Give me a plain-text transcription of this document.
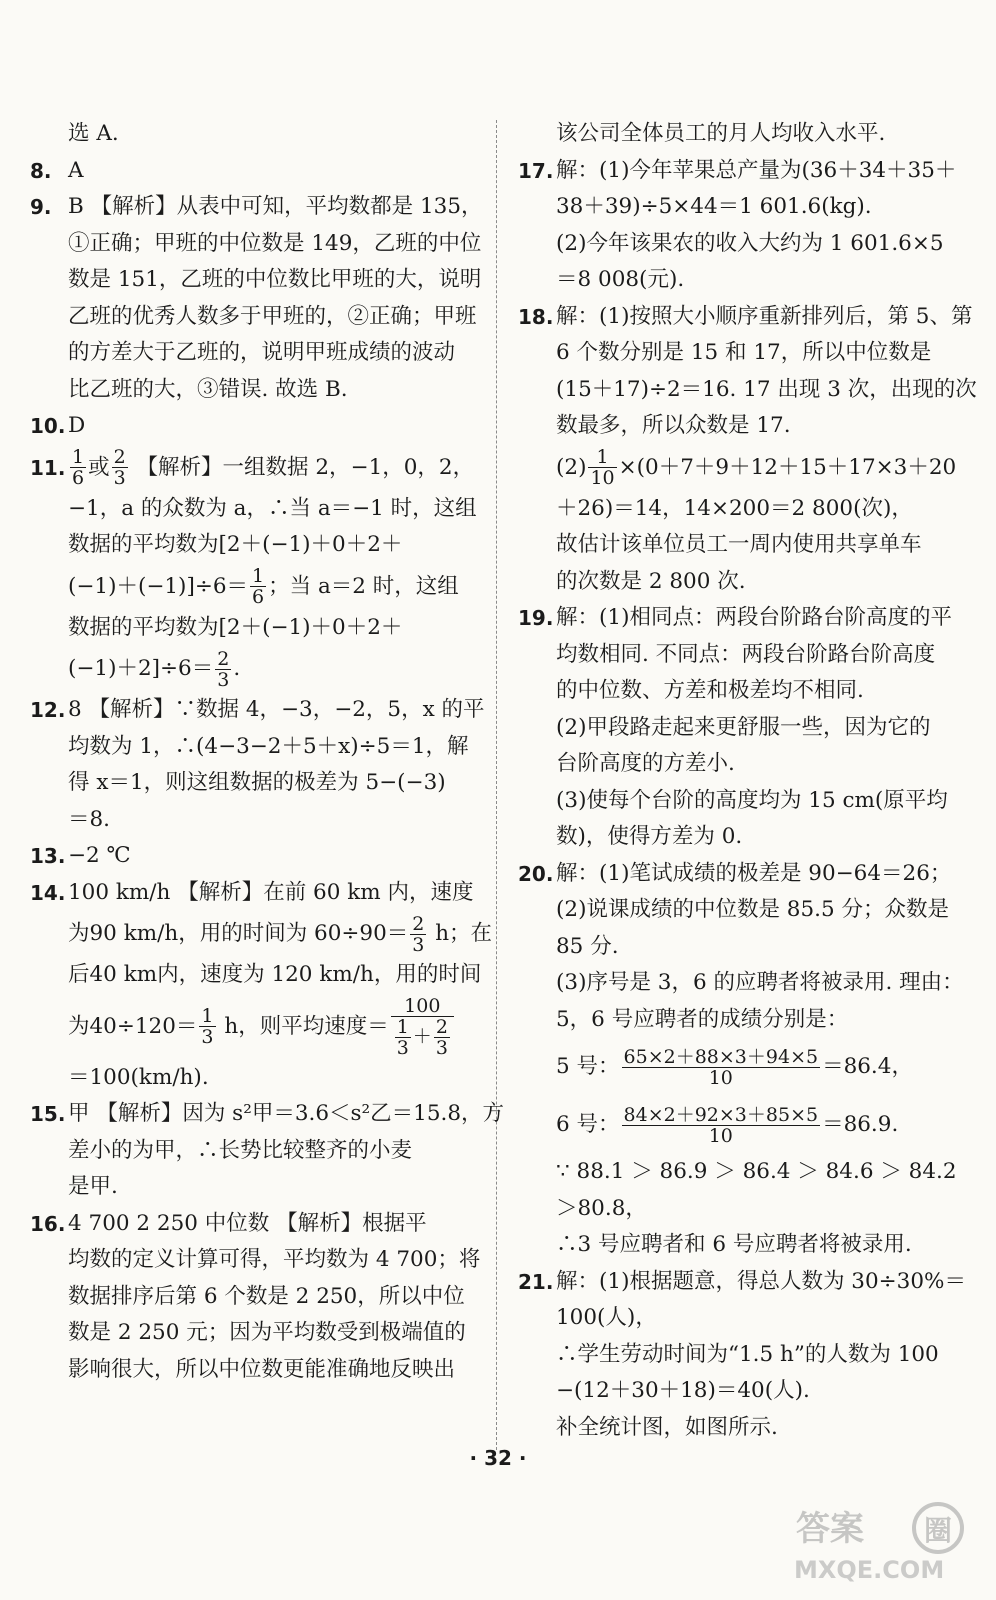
选 A.
8. A
9. B 【解析】从表中可知，平均数都是 135，
①正确；甲班的中位数是 149，乙班的中位
数是 151，乙班的中位数比甲班的大，说明
乙班的优秀人数多于甲班的，②正确；甲班
的方差大于乙班的，说明甲班成绩的波动
比乙班的大，③错误. 故选 B.
10. D
11. $\frac{1}{6}$ 或 $\frac{2}{3}$ 【解析】一组数据 2，−1，0，2，
−1，a 的众数为 a，∴当 a＝−1 时，这组
数据的平均数为[2＋(−1)＋0＋2＋
$(-1)+(-1)]\div 6= \frac{1}{6}$ ；当 a＝2 时，这组
数据的平均数为[2＋(−1)＋0＋2＋
$(-1)+2]\div 6= \frac{2}{3}$ .
12. 8 【解析】∵数据 4，−3，−2，5，x 的平
均数为 1，∴(4−3−2＋5＋x)÷5＝1，解
得 x＝1，则这组数据的极差为 5−(−3)
＝8.
13. −2 ℃
14. 100 km/h 【解析】在前 60 km 内，速度
为90 km/h，用的时间为 $60\div 90= \frac{2}{3}$ h；在
后40 km内，速度为 120 km/h，用的时间
为$40\div 120= \frac{1}{3}$ h，则平均速度＝ $\frac{100}{\frac{1}{3} + \frac{2}{3}}$
＝100(km/h).
15. 甲 【解析】因为 s²甲＝3.6＜s²乙＝15.8，方
差小的为甲，∴长势比较整齐的小麦
是甲.
16. 4 700 2 250 中位数 【解析】根据平
均数的定义计算可得，平均数为 4 700；将
数据排序后第 6 个数是 2 250，所以中位
数是 2 250 元；因为平均数受到极端值的
影响很大，所以中位数更能准确地反映出
该公司全体员工的月人均收入水平.
17. 解：(1)今年苹果总产量为(36＋34＋35＋
38＋39)÷5×44＝1 601.6(kg).
(2)今年该果农的收入大约为 1 601.6×5
＝8 008(元).
18. 解：(1)按照大小顺序重新排列后，第 5、第
6 个数分别是 15 和 17，所以中位数是
(15＋17)÷2＝16. 17 出现 3 次，出现的次
数最多，所以众数是 17.
$(2) \frac{1}{10} \times(0+7+9+12+15+17\times 3+20$
＋26)＝14，14×200＝2 800(次)，
故估计该单位员工一周内使用共享单车
的次数是 2 800 次.
19. 解：(1)相同点：两段台阶路台阶高度的平
均数相同. 不同点：两段台阶路台阶高度
的中位数、方差和极差均不相同.
(2)甲段路走起来更舒服一些，因为它的
台阶高度的方差小.
(3)使每个台阶的高度均为 15 cm(原平均
数)，使得方差为 0.
20. 解：(1)笔试成绩的极差是 90−64＝26；
(2)说课成绩的中位数是 85.5 分；众数是
85 分.
(3)序号是 3，6 的应聘者将被录用. 理由：
5，6 号应聘者的成绩分别是：
5 号： $\frac{65\times 2+88\times 3+94\times 5}{10} =86.4$，
6 号： $\frac{84\times 2+92\times 3+85\times 5}{10} =86.9$.
∵ 88.1 ＞ 86.9 ＞ 86.4 ＞ 84.6 ＞ 84.2
＞80.8，
∴3 号应聘者和 6 号应聘者将被录用.
21. 解：(1)根据题意，得总人数为 30÷30%＝
100(人)，
∴学生劳动时间为“1.5 h”的人数为 100
−(12＋30＋18)＝40(人).
补全统计图，如图所示.
· 32 ·
答案 圈
MXQE.COM
